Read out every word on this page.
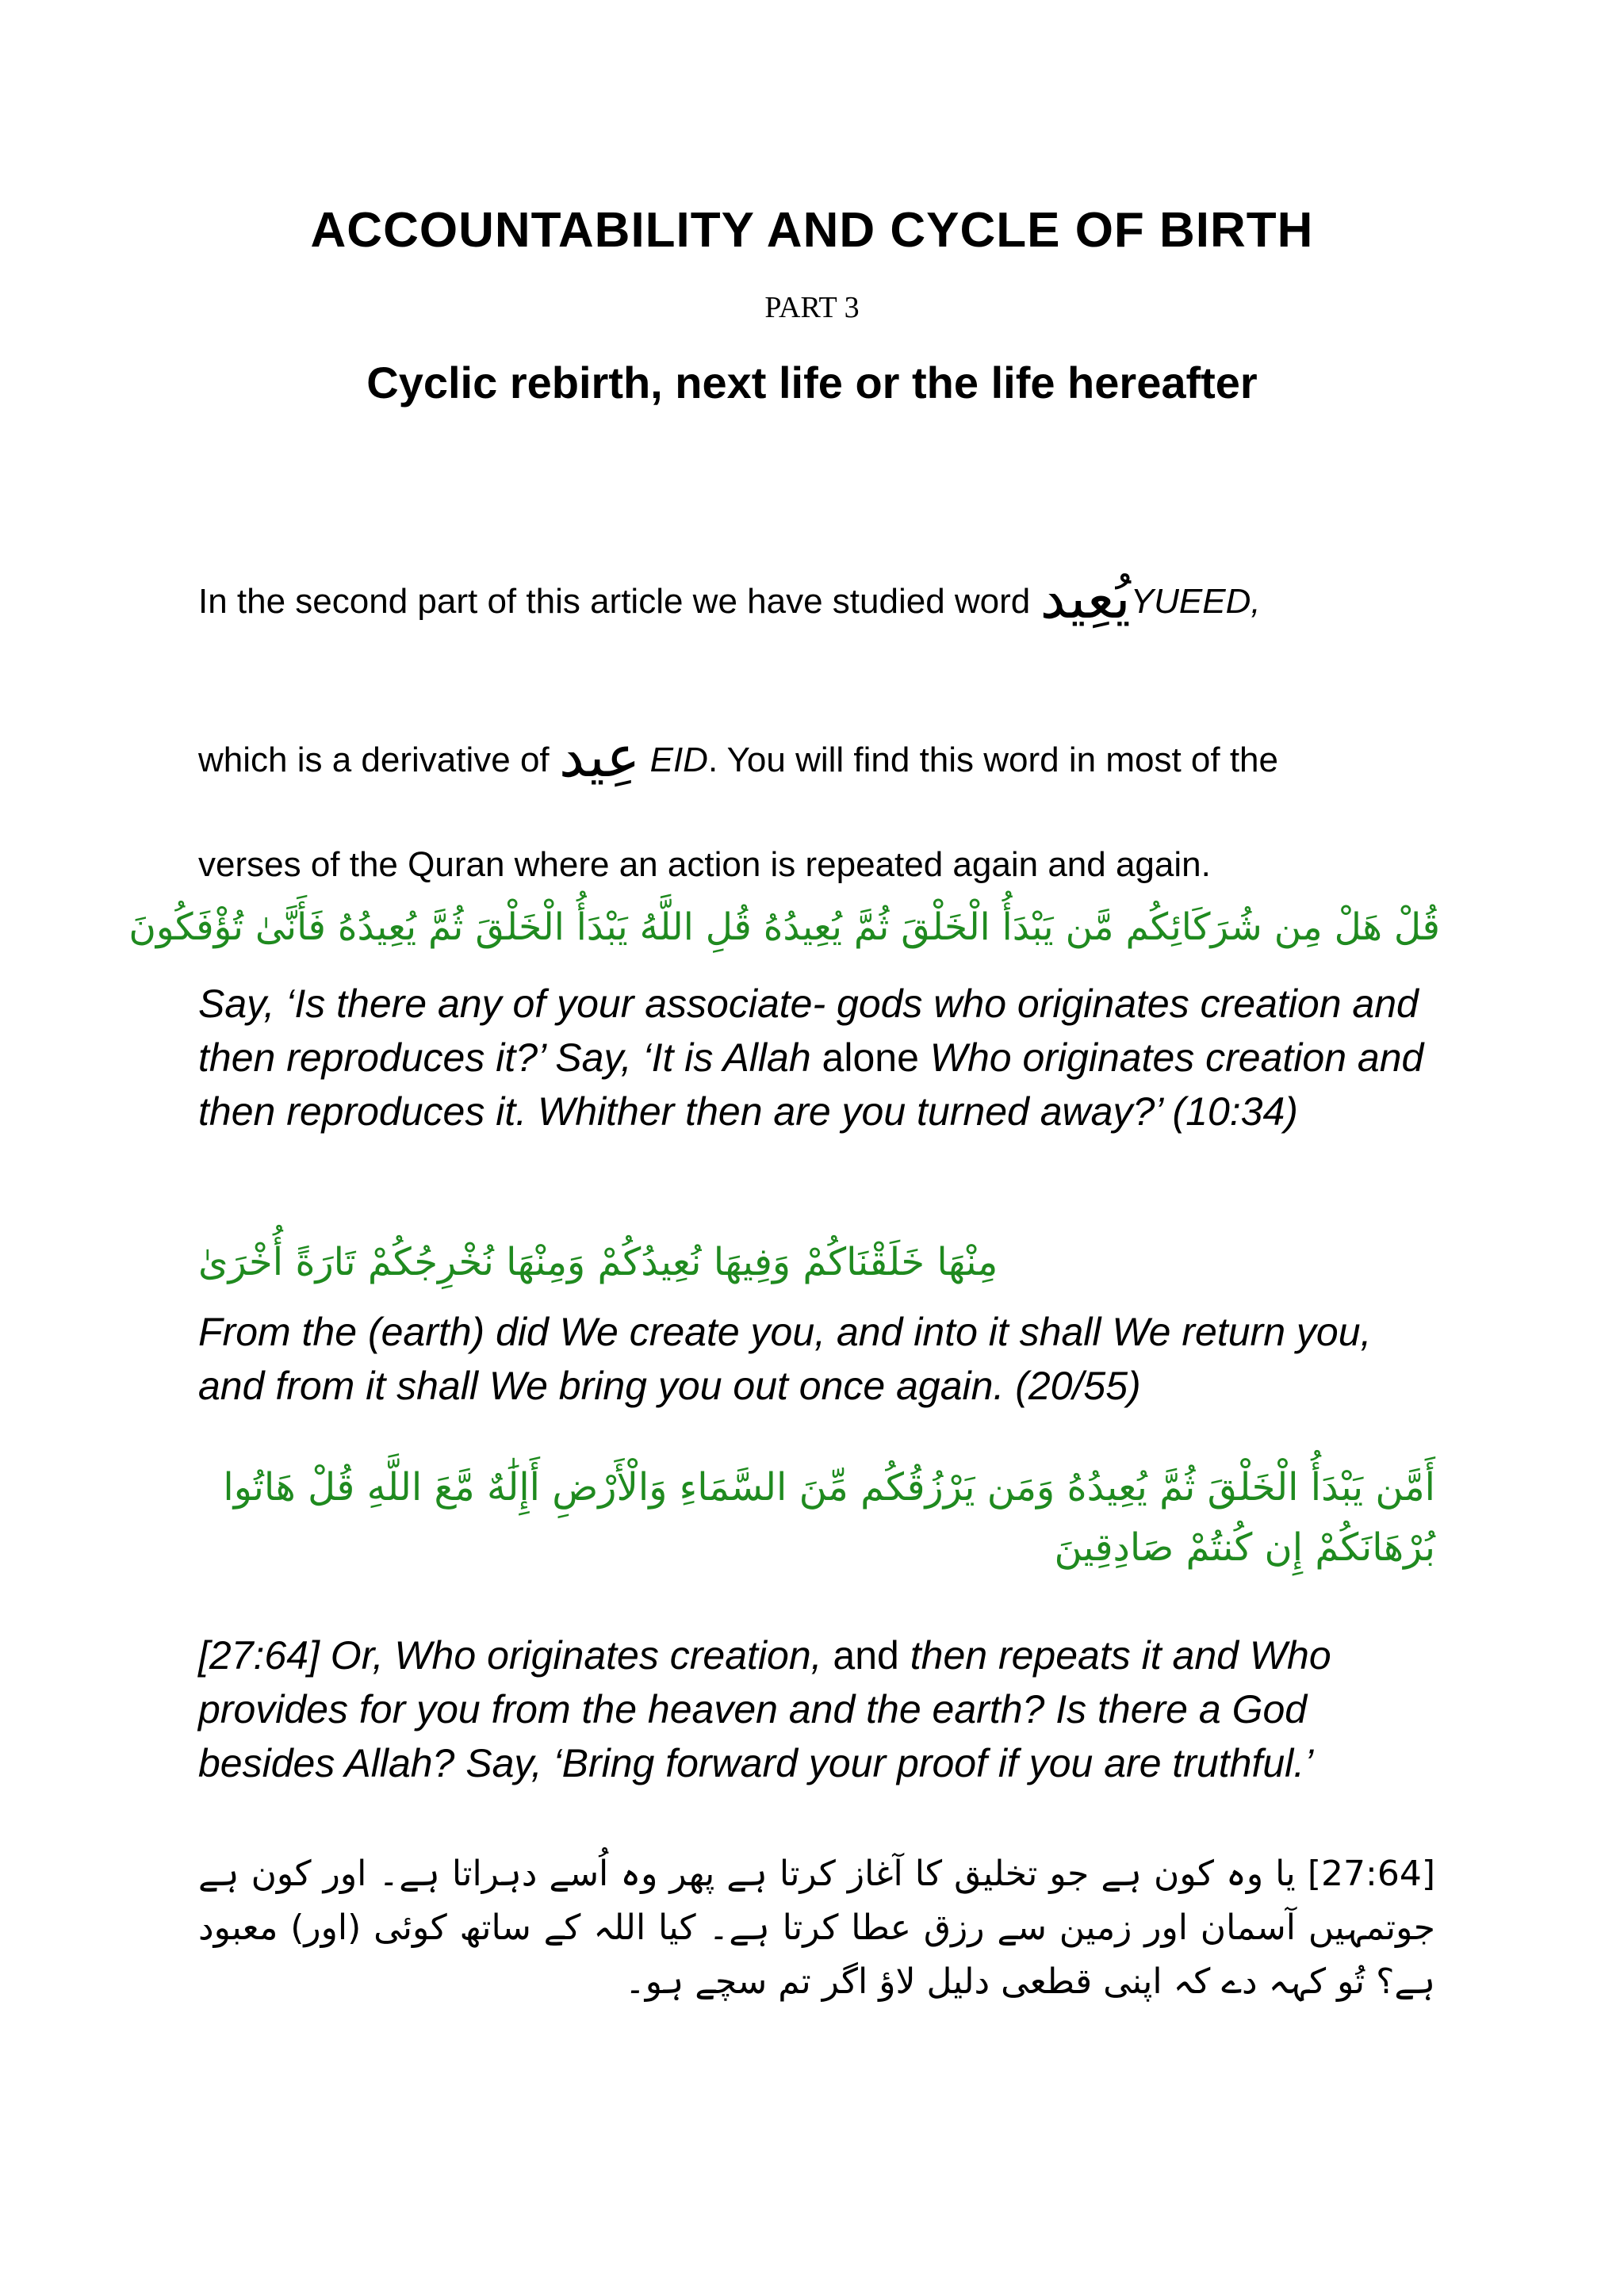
ACCOUNTABILITY AND CYCLE OF BIRTH
PART 3
Cyclic rebirth, next life or the life hereafter
In the second part of this article we have studied word يُعِيدYUEED,
which is a derivative of عِيد EID. You will find this word in most of the
verses of the Quran where an action is repeated again and again.
قُلْ هَلْ مِن شُرَكَائِكُم مَّن يَبْدَأُ الْخَلْقَ ثُمَّ يُعِيدُهُ قُلِ اللَّهُ يَبْدَأُ الْخَلْقَ ثُمَّ يُعِيدُهُ فَأَنَّىٰ تُؤْفَكُونَ
Say, ‘Is there any of your associate- gods who originates creation and then reproduces it?’ Say, ‘It is Allah alone Who originates creation and then reproduces it. Whither then are you turned away?’ (10:34)
مِنْهَا خَلَقْنَاكُمْ وَفِيهَا نُعِيدُكُمْ وَمِنْهَا نُخْرِجُكُمْ تَارَةً أُخْرَىٰ
From the (earth) did We create you, and into it shall We return you, and from it shall We bring you out once again. (20/55)
أَمَّن يَبْدَأُ الْخَلْقَ ثُمَّ يُعِيدُهُ وَمَن يَرْزُقُكُم مِّنَ السَّمَاءِ وَالْأَرْضِ أَإِلَٰهٌ مَّعَ اللَّهِ قُلْ هَاتُوا بُرْهَانَكُمْ إِن كُنتُمْ صَادِقِينَ
[27:64] Or, Who originates creation, and then repeats it and Who provides for you from the heaven and the earth? Is there a God besides Allah? Say, ‘Bring forward your proof if you are truthful.’
[27:64] یا وہ کون ہے جو تخلیق کا آغاز کرتا ہے پھر وہ اُسے دہراتا ہے۔ اور کون ہے جوتمہیں آسمان اور زمین سے رزق عطا کرتا ہے۔ کیا اللہ کے ساتھ کوئی (اور) معبود ہے؟ تُو کہہ دے کہ اپنی قطعی دلیل لاؤ اگر تم سچے ہو۔
